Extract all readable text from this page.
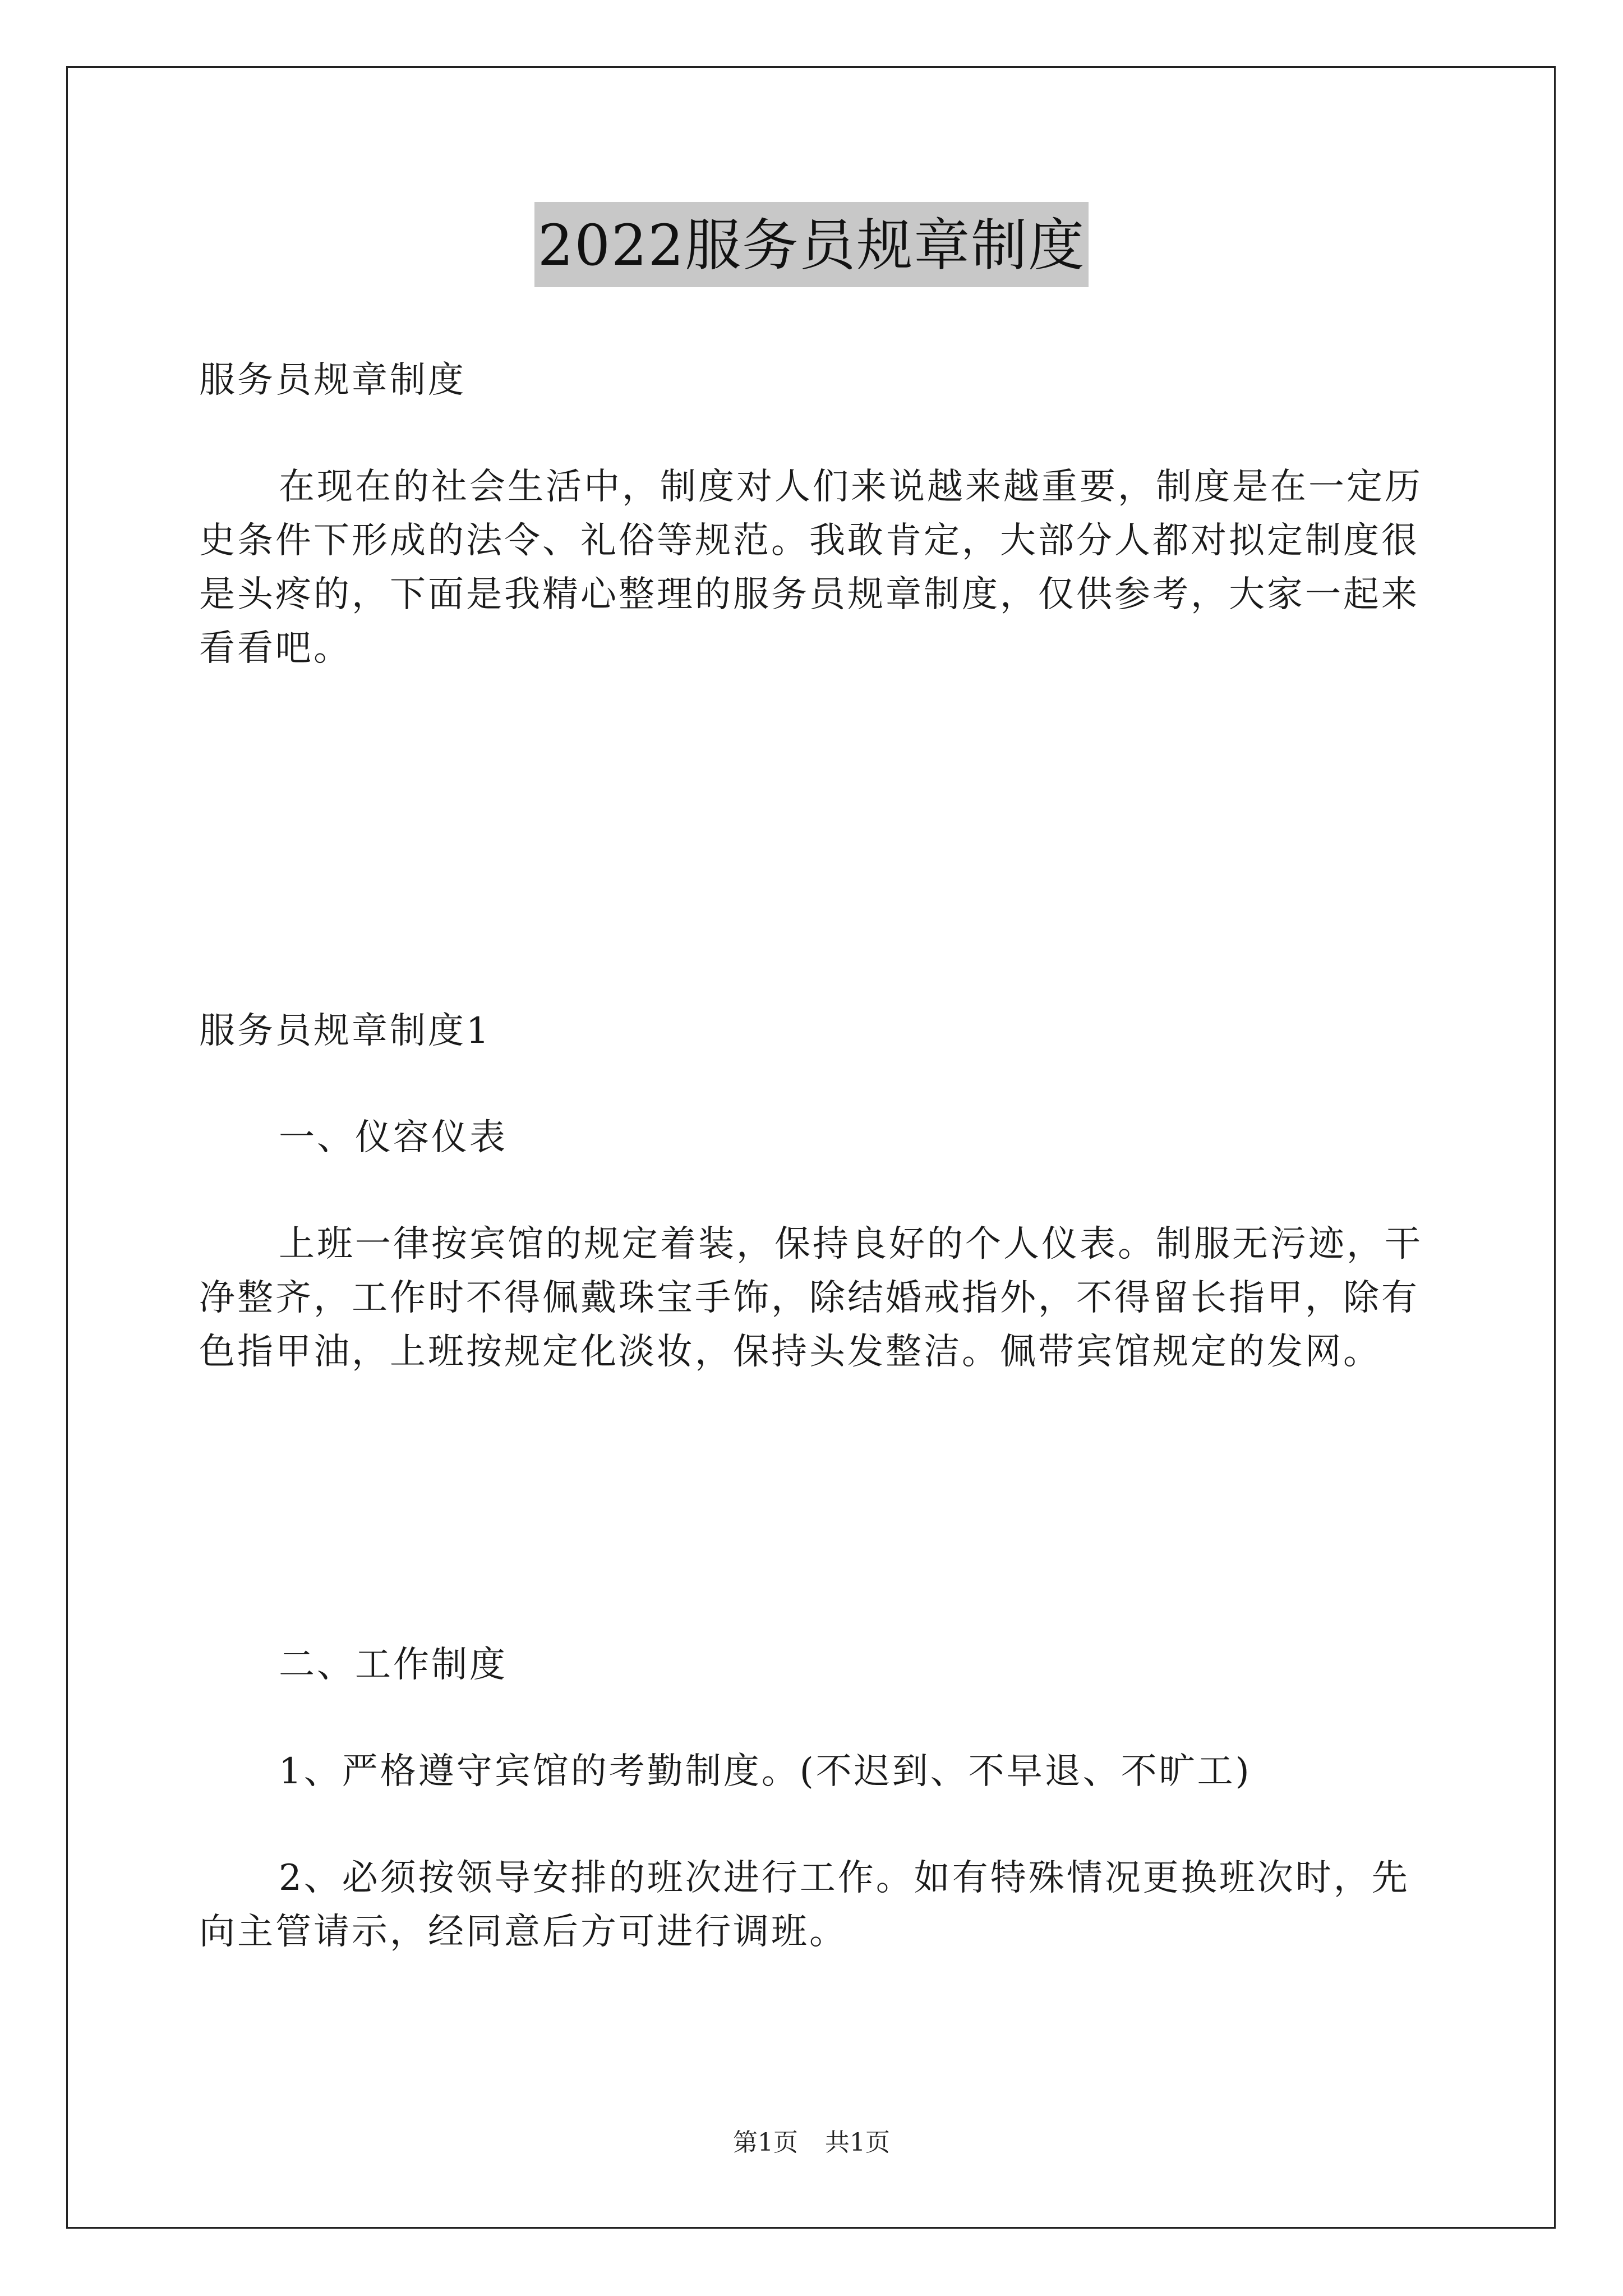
2022服务员规章制度

服务员规章制度

在现在的社会生活中，制度对人们来说越来越重要，制度是在一定历史条件下形成的法令、礼俗等规范。我敢肯定，大部分人都对拟定制度很是头疼的，下面是我精心整理的服务员规章制度，仅供参考，大家一起来看看吧。

服务员规章制度1

一、仪容仪表

上班一律按宾馆的规定着装，保持良好的个人仪表。制服无污迹，干净整齐，工作时不得佩戴珠宝手饰，除结婚戒指外，不得留长指甲，除有色指甲油，上班按规定化淡妆，保持头发整洁。佩带宾馆规定的发网。

二、工作制度

1、严格遵守宾馆的考勤制度。(不迟到、不早退、不旷工)

2、必须按领导安排的班次进行工作。如有特殊情况更换班次时，先向主管请示，经同意后方可进行调班。

第1页 共1页
